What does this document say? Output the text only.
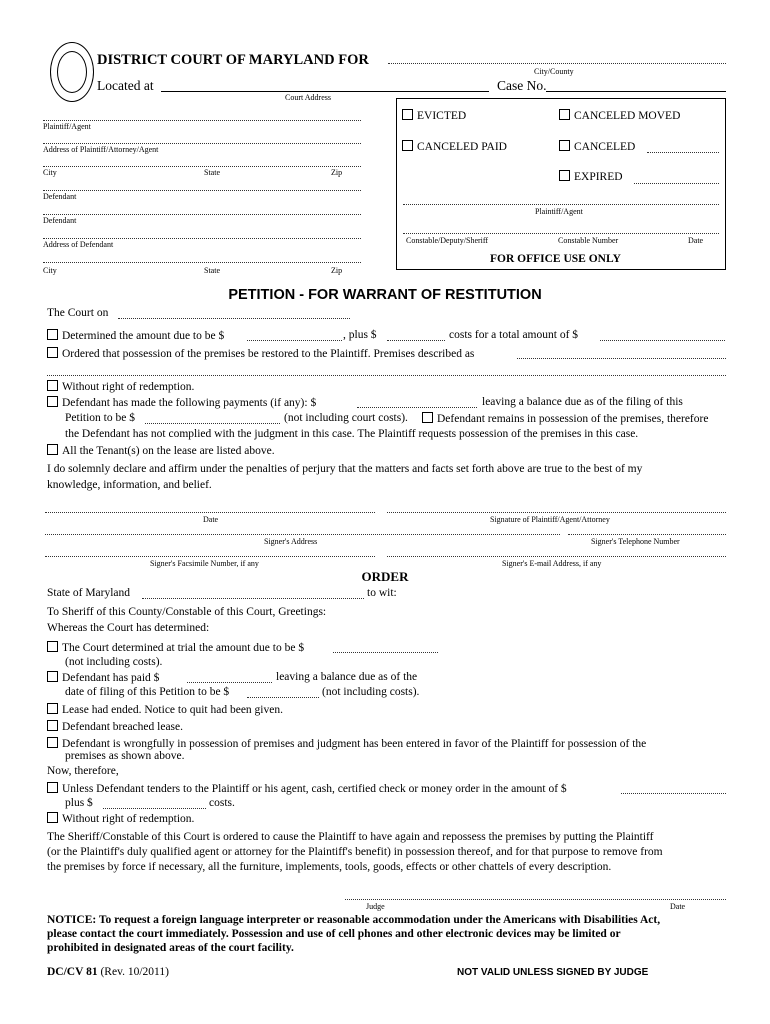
DISTRICT COURT OF MARYLAND FOR
City/County
Located at
Court Address
Case No.
Plaintiff/Agent
Address of Plaintiff/Attorney/Agent
City	State	Zip
Defendant
Defendant
Address of Defendant
City	State	Zip
EVICTED	CANCELED MOVED
CANCELED PAID	CANCELED
EXPIRED
Plaintiff/Agent
Constable/Deputy/Sheriff	Constable Number	Date
FOR OFFICE USE ONLY
PETITION - FOR WARRANT OF RESTITUTION
The Court on
Determined the amount due to be $	, plus $	costs for a total amount of $
Ordered that possession of the premises be restored to the Plaintiff. Premises described as
Without right of redemption.
Defendant has made the following payments (if any): $	leaving a balance due as of the filing of this
Petition to be $	(not including court costs).	Defendant remains in possession of the premises, therefore
the Defendant has not complied with the judgment in this case. The Plaintiff requests possession of the premises in this case.
All the Tenant(s) on the lease are listed above.
I do solemnly declare and affirm under the penalties of perjury that the matters and facts set forth above are true to the best of my
knowledge, information, and belief.
Date	Signature of Plaintiff/Agent/Attorney
Signer's Address	Signer's Telephone Number
Signer's Facsimile Number, if any	Signer's E-mail Address, if any
ORDER
State of Maryland	to wit:
To Sheriff of this County/Constable of this Court, Greetings:
Whereas the Court has determined:
The Court determined at trial the amount due to be $
(not including costs).
Defendant has paid $	leaving a balance due as of the
date of filing of this Petition to be $	(not including costs).
Lease had ended. Notice to quit had been given.
Defendant breached lease.
Defendant is wrongfully in possession of premises and judgment has been entered in favor of the Plaintiff for possession of the
premises as shown above.
Now, therefore,
Unless Defendant tenders to the Plaintiff or his agent, cash, certified check or money order in the amount of $
plus $	costs.
Without right of redemption.
The Sheriff/Constable of this Court is ordered to cause the Plaintiff to have again and repossess the premises by putting the Plaintiff
(or the Plaintiff's duly qualified agent or attorney for the Plaintiff's benefit) in possession thereof, and for that purpose to remove from
the premises by force if necessary, all the furniture, implements, tools, goods, effects or other chattels of every description.
Judge	Date
NOTICE: To request a foreign language interpreter or reasonable accommodation under the Americans with Disabilities Act,
please contact the court immediately. Possession and use of cell phones and other electronic devices may be limited or
prohibited in designated areas of the court facility.
DC/CV 81 (Rev. 10/2011)	NOT VALID UNLESS SIGNED BY JUDGE
